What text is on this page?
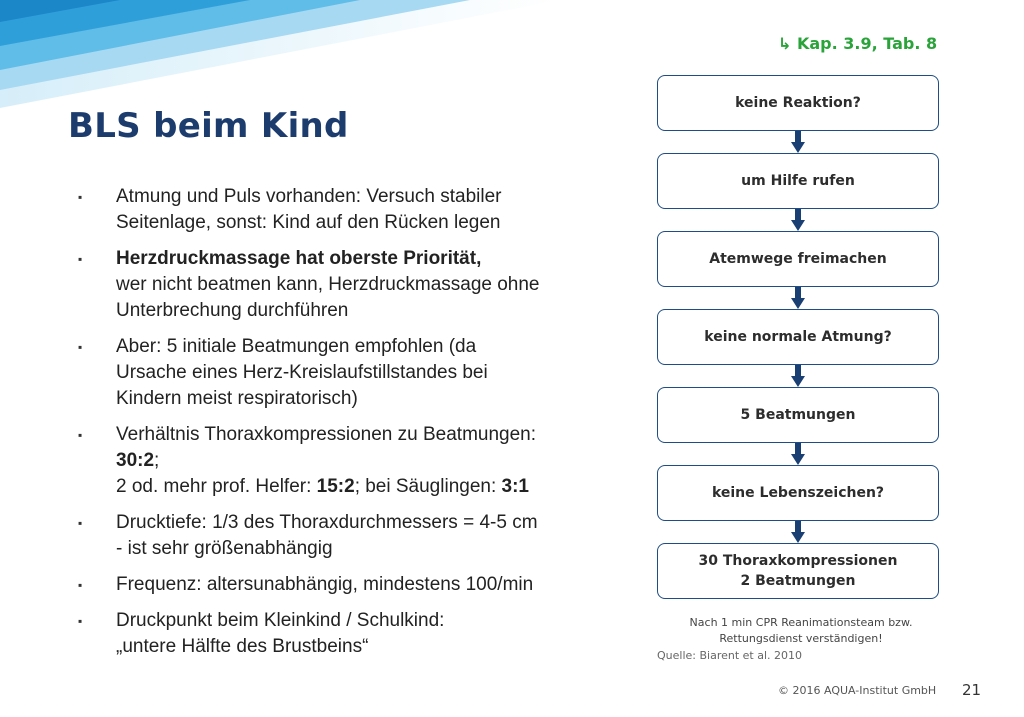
↳ Kap. 3.9, Tab. 8
BLS beim Kind
▪ Atmung und Puls vorhanden: Versuch stabiler
Seitenlage, sonst: Kind auf den Rücken legen
▪ Herzdruckmassage hat oberste Priorität,
wer nicht beatmen kann, Herzdruckmassage ohne
Unterbrechung durchführen
▪ Aber: 5 initiale Beatmungen empfohlen (da
Ursache eines Herz-Kreislaufstillstandes bei
Kindern meist respiratorisch)
▪ Verhältnis Thoraxkompressionen zu Beatmungen:
30:2;
2 od. mehr prof. Helfer: 15:2; bei Säuglingen: 3:1
▪ Drucktiefe: 1/3 des Thoraxdurchmessers = 4-5 cm
- ist sehr größenabhängig
▪ Frequenz: altersunabhängig, mindestens 100/min
▪ Druckpunkt beim Kleinkind / Schulkind:
„untere Hälfte des Brustbeins“
keine Reaktion?
um Hilfe rufen
Atemwege freimachen
keine normale Atmung?
5 Beatmungen
keine Lebenszeichen?
30 Thoraxkompressionen
2 Beatmungen
Nach 1 min CPR Reanimationsteam bzw.
Rettungsdienst verständigen!
Quelle: Biarent et al. 2010
© 2016 AQUA-Institut GmbH 21
